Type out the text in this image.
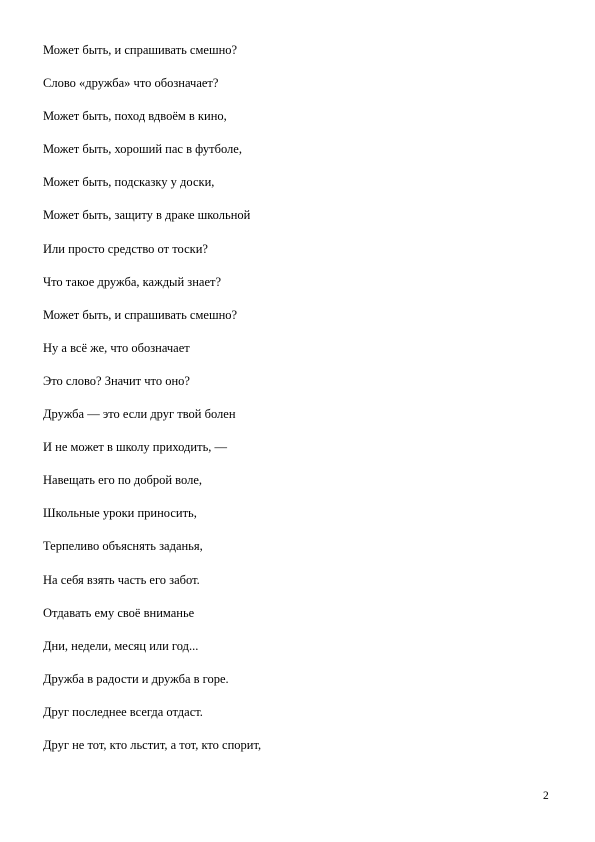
Может быть, и спрашивать смешно?
Слово «дружба» что обозначает?
Может быть, поход вдвоём в кино,
Может быть, хороший пас в футболе,
Может быть, подсказку у доски,
Может быть, защиту в драке школьной
Или просто средство от тоски?
Что такое дружба, каждый знает?
Может быть, и спрашивать смешно?
Ну а всё же, что обозначает
Это слово? Значит что оно?
Дружба — это если друг твой болен
И не может в школу приходить, —
Навещать его по доброй воле,
Школьные уроки приносить,
Терпеливо объяснять заданья,
На себя взять часть его забот.
Отдавать ему своё вниманье
Дни, недели, месяц или год...
Дружба в радости и дружба в горе.
Друг последнее всегда отдаст.
Друг не тот, кто льстит, а тот, кто спорит,
2
